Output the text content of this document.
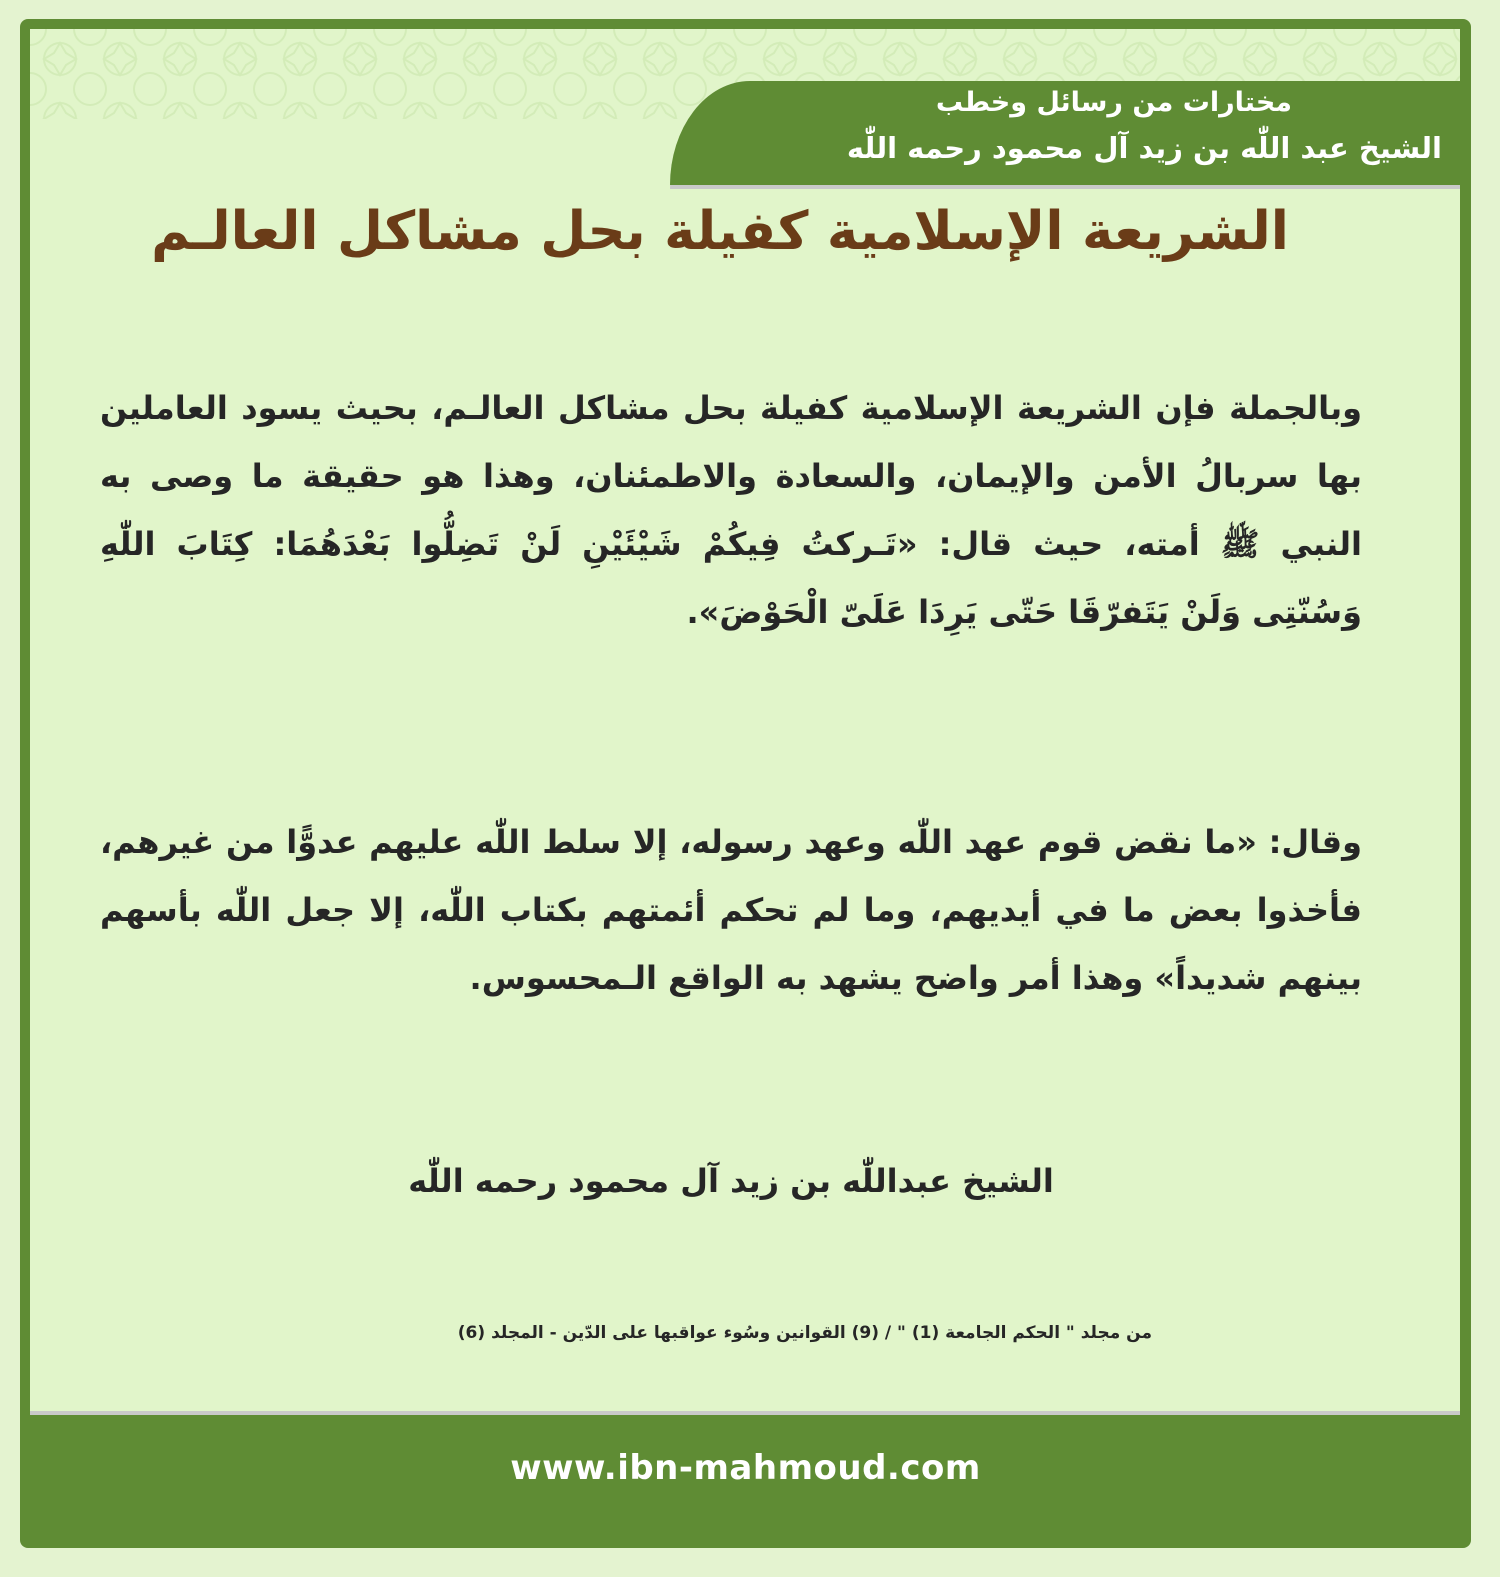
مختارات من رسائل وخطب

الشيخ عبد اللّٰه بن زيد آل محمود رحمه اللّٰه

الشريعة الإسلامية كفيلة بحل مشاكل العالـم

وبالجملة فإن الشريعة الإسلامية كفيلة بحل مشاكل العالـم، بحيث يسود العاملين بها سربالُ الأمن والإيمان، والسعادة والاطمئنان، وهذا هو حقيقة ما وصى به النبي ﷺ أمته، حيث قال: «تَـركتُ فِيكُمْ شَيْئَيْنِ لَنْ تَضِلُّوا بَعْدَهُمَا: كِتَابَ اللّٰهِ وَسُنّتِى وَلَنْ يَتَفرّقَا حَتّى يَرِدَا عَلَىّ الْحَوْضَ».

وقال: «ما نقض قوم عهد اللّٰه وعهد رسوله، إلا سلط اللّٰه عليهم عدوًّا من غيرهم، فأخذوا بعض ما في أيديهم، وما لم تحكم أئمتهم بكتاب اللّٰه، إلا جعل اللّٰه بأسهم بينهم شديداً» وهذا أمر واضح يشهد به الواقع الـمحسوس.

الشيخ عبداللّٰه بن زيد آل محمود رحمه اللّٰه

من مجلد " الحكم الجامعة (1) " / (9) القوانين وسُوء عواقبها على الدّين - المجلد (6)

www.ibn-mahmoud.com
